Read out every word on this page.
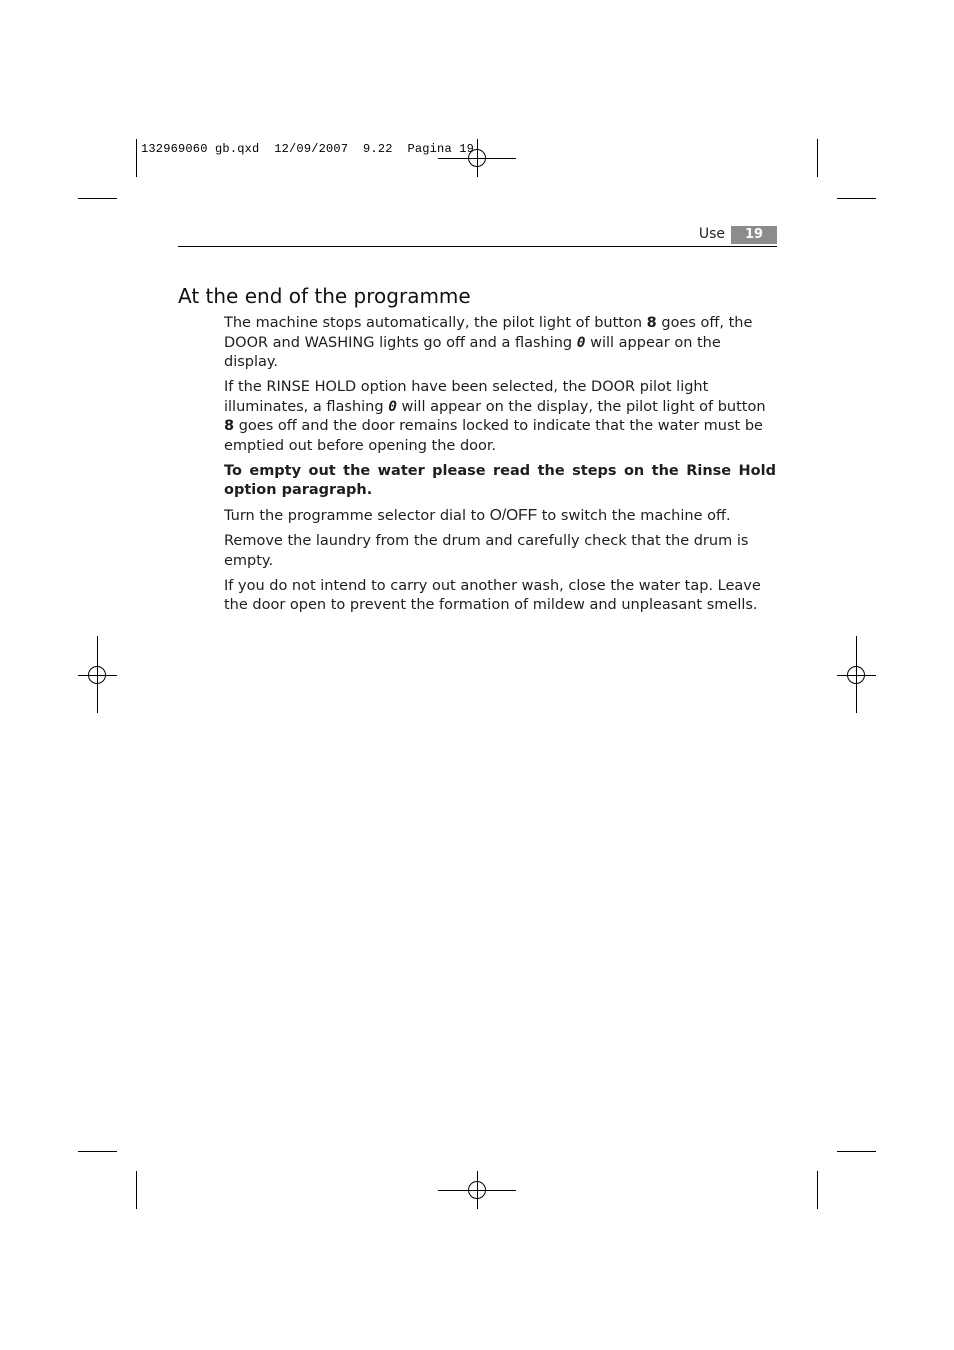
132969060 gb.qxd  12/09/2007  9.22  Pagina 19
Use	19
At the end of the programme

The machine stops automatically, the pilot light of button 8 goes off, the DOOR and WASHING lights go off and a flashing 0 will appear on the display.

If the RINSE HOLD option have been selected, the DOOR pilot light illuminates, a flashing 0 will appear on the display, the pilot light of button 8 goes off and the door remains locked to indicate that the water must be emptied out before opening the door.

To empty out the water please read the steps on the Rinse Hold option paragraph.

Turn the programme selector dial to O/OFF to switch the machine off.

Remove the laundry from the drum and carefully check that the drum is empty.

If you do not intend to carry out another wash, close the water tap. Leave the door open to prevent the formation of mildew and unpleasant smells.
